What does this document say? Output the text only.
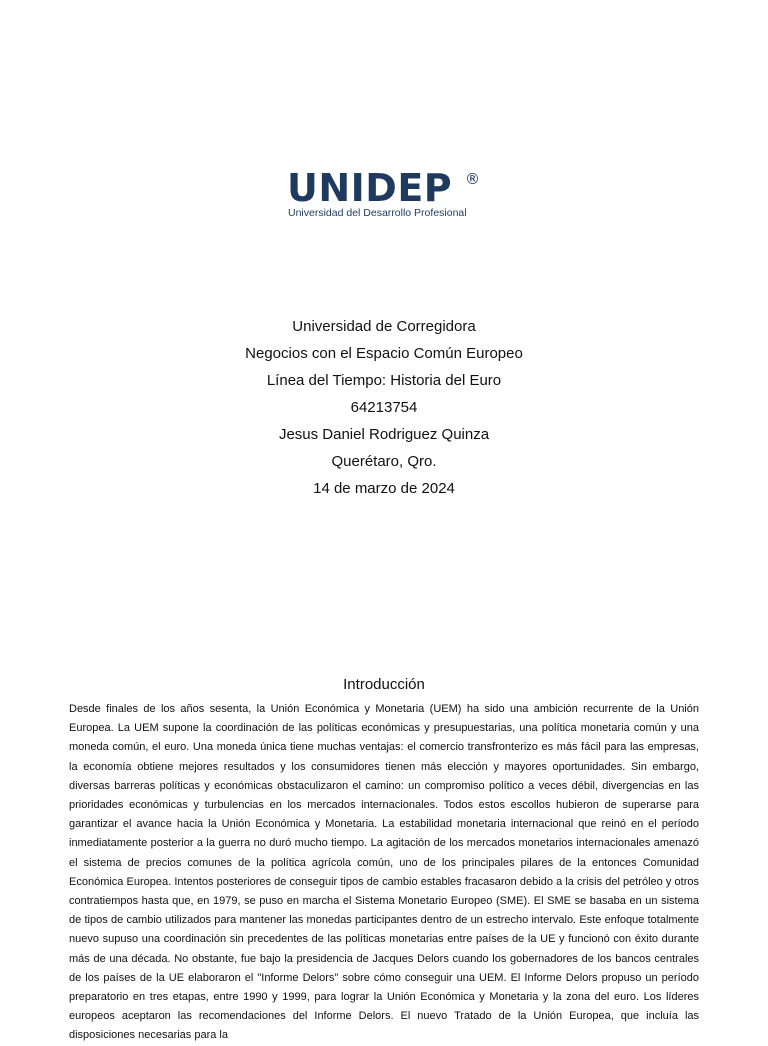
UNIDEP ®
Universidad del Desarrollo Profesional
Universidad de Corregidora
Negocios con el Espacio Común Europeo
Línea del Tiempo: Historia del Euro
64213754
Jesus Daniel Rodriguez Quinza
Querétaro, Qro.
14 de marzo de 2024
Introducción

Desde finales de los años sesenta, la Unión Económica y Monetaria (UEM) ha sido una ambición recurrente de la Unión Europea. La UEM supone la coordinación de las políticas económicas y presupuestarias, una política monetaria común y una moneda común, el euro. Una moneda única tiene muchas ventajas: el comercio transfronterizo es más fácil para las empresas, la economía obtiene mejores resultados y los consumidores tienen más elección y mayores oportunidades. Sin embargo, diversas barreras políticas y económicas obstaculizaron el camino: un compromiso político a veces débil, divergencias en las prioridades económicas y turbulencias en los mercados internacionales. Todos estos escollos hubieron de superarse para garantizar el avance hacia la Unión Económica y Monetaria. La estabilidad monetaria internacional que reinó en el período inmediatamente posterior a la guerra no duró mucho tiempo. La agitación de los mercados monetarios internacionales amenazó el sistema de precios comunes de la política agrícola común, uno de los principales pilares de la entonces Comunidad Económica Europea. Intentos posteriores de conseguir tipos de cambio estables fracasaron debido a la crisis del petróleo y otros contratiempos hasta que, en 1979, se puso en marcha el Sistema Monetario Europeo (SME). El SME se basaba en un sistema de tipos de cambio utilizados para mantener las monedas participantes dentro de un estrecho intervalo. Este enfoque totalmente nuevo supuso una coordinación sin precedentes de las políticas monetarias entre países de la UE y funcionó con éxito durante más de una década. No obstante, fue bajo la presidencia de Jacques Delors cuando los gobernadores de los bancos centrales de los países de la UE elaboraron el "Informe Delors" sobre cómo conseguir una UEM. El Informe Delors propuso un período preparatorio en tres etapas, entre 1990 y 1999, para lograr la Unión Económica y Monetaria y la zona del euro. Los líderes europeos aceptaron las recomendaciones del Informe Delors. El nuevo Tratado de la Unión Europea, que incluía las disposiciones necesarias para la
